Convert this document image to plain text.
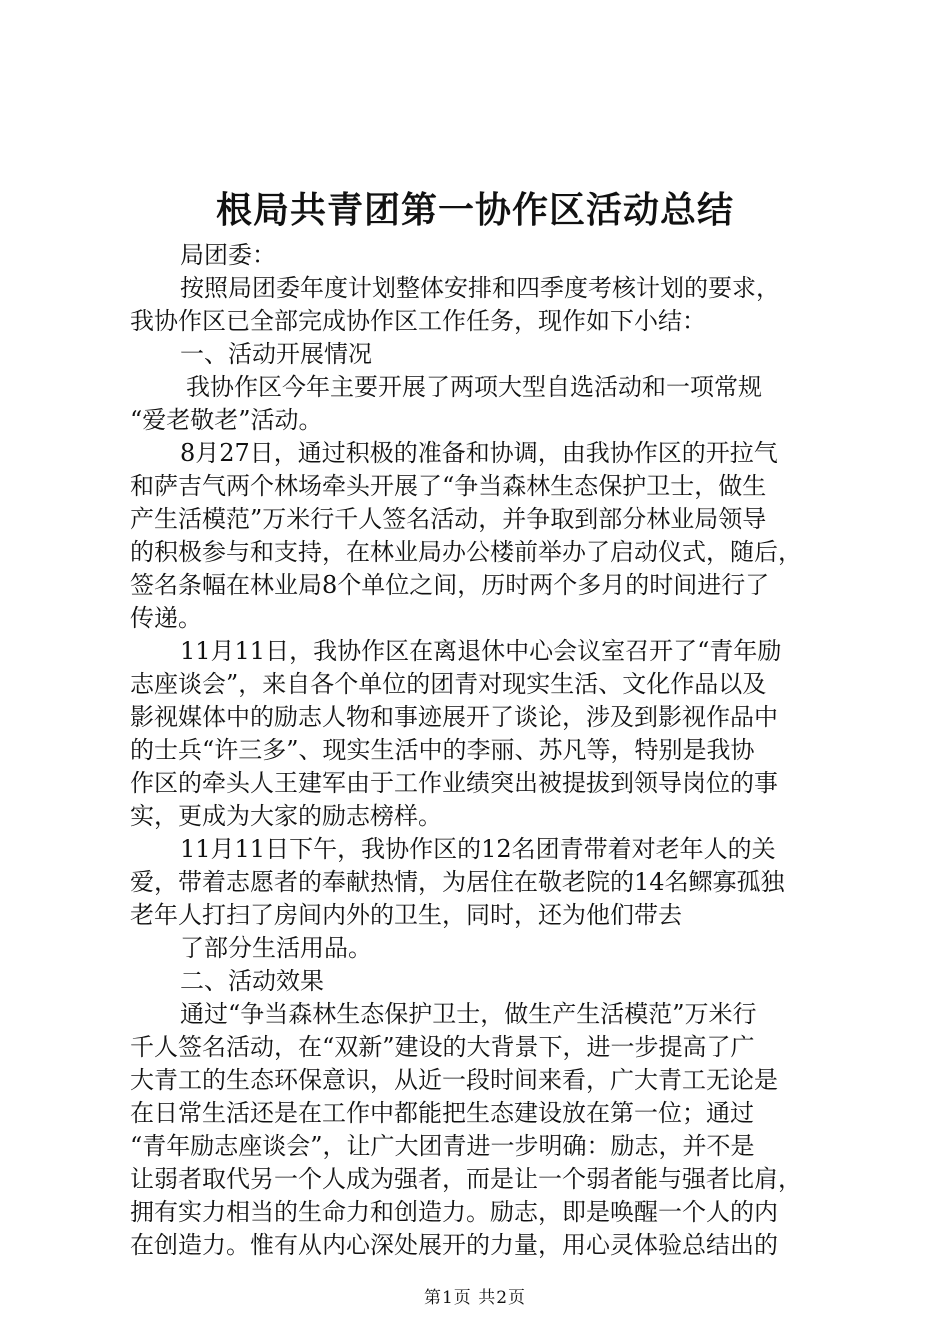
根局共青团第一协作区活动总结
局团委：
按照局团委年度计划整体安排和四季度考核计划的要求，
我协作区已全部完成协作区工作任务，现作如下小结：
一、活动开展情况
我协作区今年主要开展了两项大型自选活动和一项常规
“爱老敬老”活动。
8月27日，通过积极的准备和协调，由我协作区的开拉气
和萨吉气两个林场牵头开展了“争当森林生态保护卫士，做生
产生活模范”万米行千人签名活动，并争取到部分林业局领导
的积极参与和支持，在林业局办公楼前举办了启动仪式，随后，
签名条幅在林业局8个单位之间，历时两个多月的时间进行了
传递。
11月11日，我协作区在离退休中心会议室召开了“青年励
志座谈会”，来自各个单位的团青对现实生活、文化作品以及
影视媒体中的励志人物和事迹展开了谈论，涉及到影视作品中
的士兵“许三多”、现实生活中的李丽、苏凡等，特别是我协
作区的牵头人王建军由于工作业绩突出被提拔到领导岗位的事
实，更成为大家的励志榜样。
11月11日下午，我协作区的12名团青带着对老年人的关
爱，带着志愿者的奉献热情，为居住在敬老院的14名鳏寡孤独
老年人打扫了房间内外的卫生，同时，还为他们带去
了部分生活用品。
二、活动效果
通过“争当森林生态保护卫士，做生产生活模范”万米行
千人签名活动，在“双新”建设的大背景下，进一步提高了广
大青工的生态环保意识，从近一段时间来看，广大青工无论是
在日常生活还是在工作中都能把生态建设放在第一位；通过
“青年励志座谈会”，让广大团青进一步明确：励志，并不是
让弱者取代另一个人成为强者，而是让一个弱者能与强者比肩，
拥有实力相当的生命力和创造力。励志，即是唤醒一个人的内
在创造力。惟有从内心深处展开的力量，用心灵体验总结出的
第1页 共2页
